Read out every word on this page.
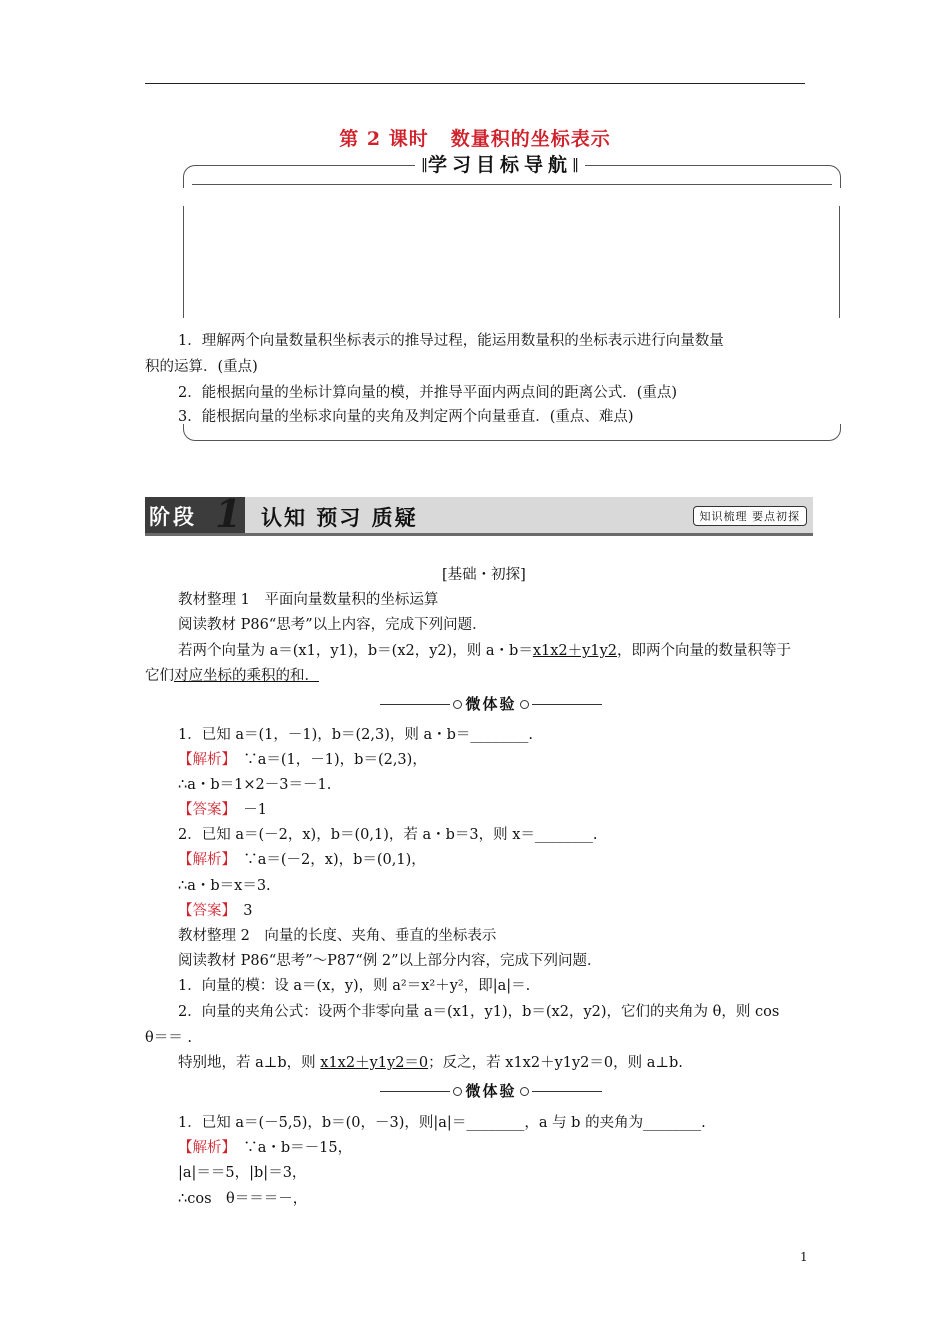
第 2 课时 数量积的坐标表示
‖ 学习目标导航 ‖
1．理解两个向量数量积坐标表示的推导过程，能运用数量积的坐标表示进行向量数量
积的运算．(重点)
2．能根据向量的坐标计算向量的模，并推导平面内两点间的距离公式．(重点)
3．能根据向量的坐标求向量的夹角及判定两个向量垂直．(重点、难点)
阶段 1 认知 预习 质疑	知识梳理 要点初探
[基础・初探]
教材整理 1　平面向量数量积的坐标运算
阅读教材 P86“思考”以上内容，完成下列问题．
若两个向量为 a＝(x1，y1)，b＝(x2，y2)，则 a・b＝x1x2＋y1y2，即两个向量的数量积等于
它们对应坐标的乘积的和．
微体验
1．已知 a＝(1，－1)，b＝(2,3)，则 a・b＝________.
【解析】　∵a＝(1，－1)，b＝(2,3)，
∴a・b＝1×2－3＝－1.
【答案】　－1
2．已知 a＝(－2，x)，b＝(0,1)，若 a・b＝3，则 x＝________.
【解析】　∵a＝(－2，x)，b＝(0,1)，
∴a・b＝x＝3.
【答案】　3
教材整理 2　向量的长度、夹角、垂直的坐标表示
阅读教材 P86“思考”～P87“例 2”以上部分内容，完成下列问题．
1．向量的模：设 a＝(x，y)，则 a²＝x²＋y²，即|a|＝.
2．向量的夹角公式：设两个非零向量 a＝(x1，y1)，b＝(x2，y2)，它们的夹角为 θ，则 cos
θ＝＝ .
特别地，若 a⊥b，则 x1x2＋y1y2＝0；反之，若 x1x2＋y1y2＝0，则 a⊥b.
微体验
1．已知 a＝(－5,5)，b＝(0，－3)，则|a|＝________，a 与 b 的夹角为________.
【解析】　∵a・b＝－15，
|a|＝＝5，|b|＝3，
∴cos　θ＝＝＝－，
1
